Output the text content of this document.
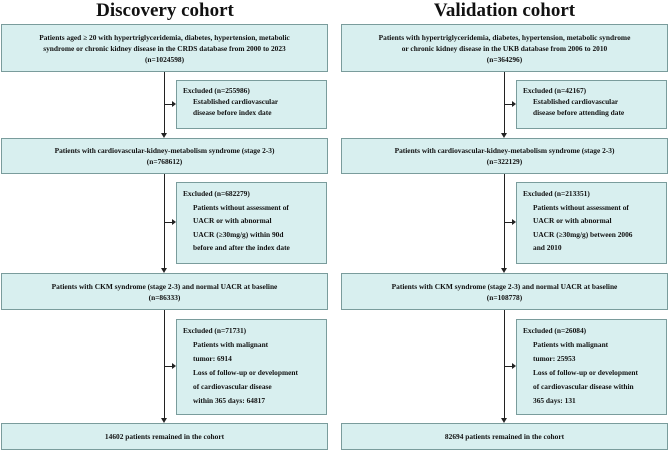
Discovery cohort
Patients aged ≥ 20 with hypertriglyceridemia, diabetes, hypertension, metabolic
syndrome or chronic kidney disease in the CRDS database from 2000 to 2023
(n=1024598)
Excluded (n=255986)
Established cardiovascular
disease before index date
Patients with cardiovascular-kidney-metabolism syndrome (stage 2-3)
(n=768612)
Excluded (n=682279)
Patients without assessment of
UACR or with abnormal
UACR (≥30mg/g) within 90d
before and after the index date
Patients with CKM syndrome (stage 2-3) and normal UACR at baseline
(n=86333)
Excluded (n=71731)
Patients with malignant
tumor: 6914
Loss of follow-up or development
of cardiovascular disease
within 365 days: 64817
14602 patients remained in the cohort
Validation cohort
Patients with hypertriglyceridemia, diabetes, hypertension, metabolic syndrome
or chronic kidney disease in the UKB database from 2006 to 2010
(n=364296)
Excluded (n=42167)
Established cardiovascular
disease before attending date
Patients with cardiovascular-kidney-metabolism syndrome (stage 2-3)
(n=322129)
Excluded (n=213351)
Patients without assessment of
UACR or with abnormal
UACR (≥30mg/g) between 2006
and 2010
Patients with CKM syndrome (stage 2-3) and normal UACR at baseline
(n=108778)
Excluded (n=26084)
Patients with malignant
tumor: 25953
Loss of follow-up or development
of cardiovascular disease within
365 days: 131
82694 patients remained in the cohort
